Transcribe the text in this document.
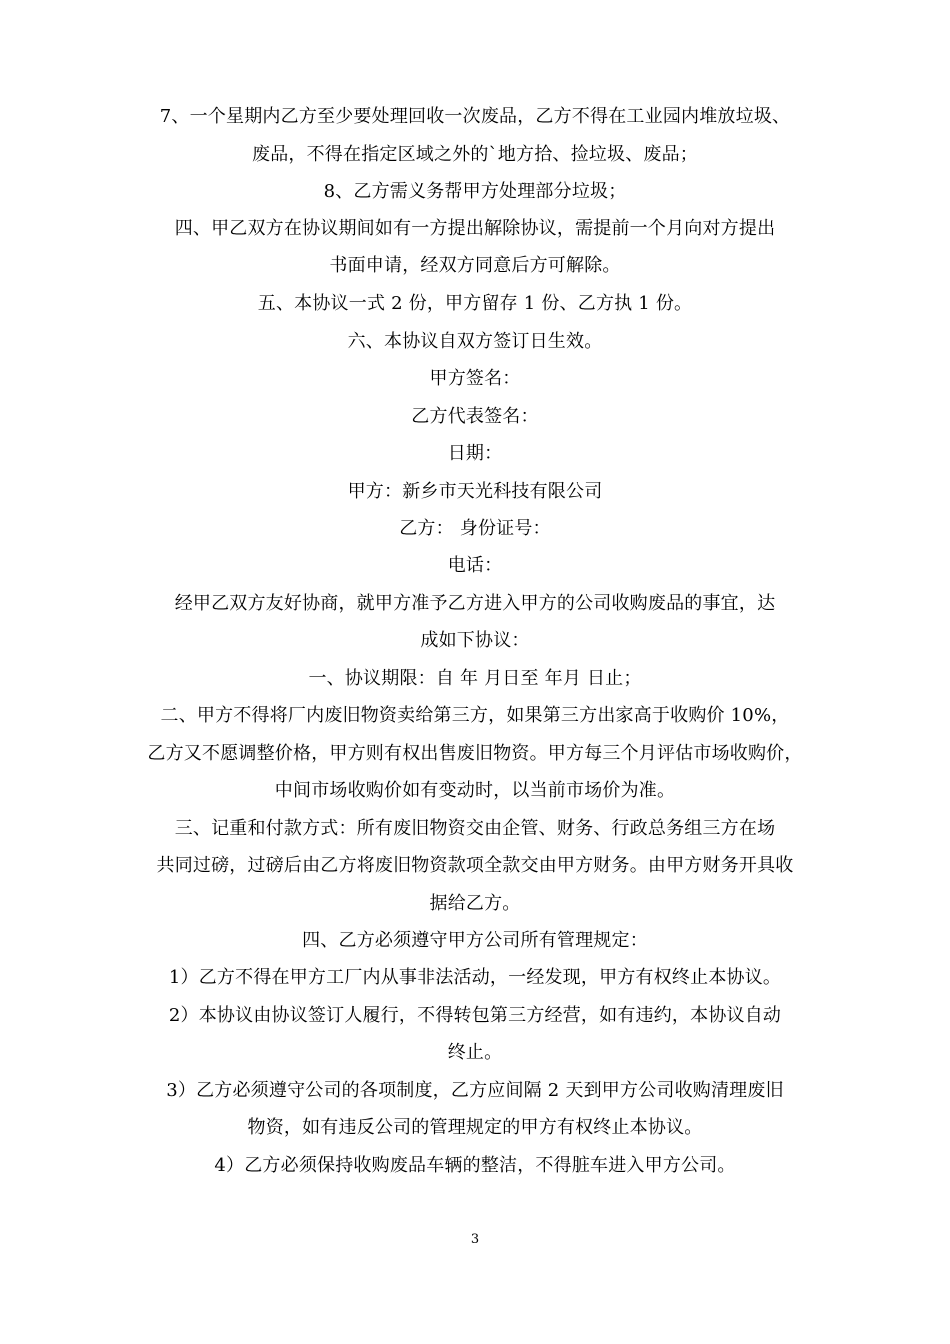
7、一个星期内乙方至少要处理回收一次废品，乙方不得在工业园内堆放垃圾、
废品，不得在指定区域之外的`地方拾、捡垃圾、废品；
8、乙方需义务帮甲方处理部分垃圾；
四、甲乙双方在协议期间如有一方提出解除协议，需提前一个月向对方提出
书面申请，经双方同意后方可解除。
五、本协议一式 2 份，甲方留存 1 份、乙方执 1 份。
六、本协议自双方签订日生效。
甲方签名：
乙方代表签名：
日期：
甲方：新乡市天光科技有限公司
乙方： 身份证号：
电话：
经甲乙双方友好协商，就甲方准予乙方进入甲方的公司收购废品的事宜，达
成如下协议：
一、协议期限：自 年 月日至 年月 日止；
二、甲方不得将厂内废旧物资卖给第三方，如果第三方出家高于收购价 10%，
乙方又不愿调整价格，甲方则有权出售废旧物资。甲方每三个月评估市场收购价，
中间市场收购价如有变动时，以当前市场价为准。
三、记重和付款方式：所有废旧物资交由企管、财务、行政总务组三方在场
共同过磅，过磅后由乙方将废旧物资款项全款交由甲方财务。由甲方财务开具收
据给乙方。
四、乙方必须遵守甲方公司所有管理规定：
1）乙方不得在甲方工厂内从事非法活动，一经发现，甲方有权终止本协议。
2）本协议由协议签订人履行，不得转包第三方经营，如有违约，本协议自动
终止。
3）乙方必须遵守公司的各项制度，乙方应间隔 2 天到甲方公司收购清理废旧
物资，如有违反公司的管理规定的甲方有权终止本协议。
4）乙方必须保持收购废品车辆的整洁，不得脏车进入甲方公司。
3
